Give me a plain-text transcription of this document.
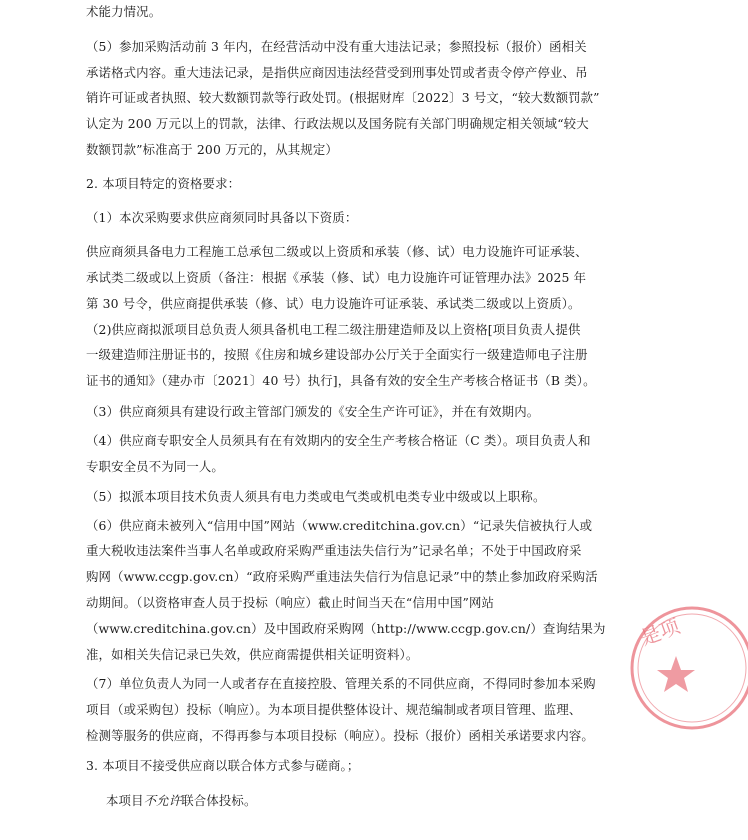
术能力情况。
（5）参加采购活动前 3 年内，在经营活动中没有重大违法记录；参照投标（报价）函相关
承诺格式内容。重大违法记录，是指供应商因违法经营受到刑事处罚或者责令停产停业、吊
销许可证或者执照、较大数额罚款等行政处罚。(根据财库〔2022〕3 号文，“较大数额罚款”
认定为 200 万元以上的罚款，法律、行政法规以及国务院有关部门明确规定相关领域“较大
数额罚款”标准高于 200 万元的，从其规定）
2. 本项目特定的资格要求：
（1）本次采购要求供应商须同时具备以下资质：
供应商须具备电力工程施工总承包二级或以上资质和承装（修、试）电力设施许可证承装、
承试类二级或以上资质（备注：根据《承装（修、试）电力设施许可证管理办法》2025 年
第 30 号令，供应商提供承装（修、试）电力设施许可证承装、承试类二级或以上资质）。
（2)供应商拟派项目总负责人须具备机电工程二级注册建造师及以上资格[项目负责人提供
一级建造师注册证书的，按照《住房和城乡建设部办公厅关于全面实行一级建造师电子注册
证书的通知》（建办市〔2021〕40 号）执行]，具备有效的安全生产考核合格证书（B 类）。
（3）供应商须具有建设行政主管部门颁发的《安全生产许可证》，并在有效期内。
（4）供应商专职安全人员须具有在有效期内的安全生产考核合格证（C 类）。项目负责人和
专职安全员不为同一人。
（5）拟派本项目技术负责人须具有电力类或电气类或机电类专业中级或以上职称。
（6）供应商未被列入“信用中国”网站（www.creditchina.gov.cn）“记录失信被执行人或
重大税收违法案件当事人名单或政府采购严重违法失信行为”记录名单；不处于中国政府采
购网（www.ccgp.gov.cn）“政府采购严重违法失信行为信息记录”中的禁止参加政府采购活
动期间。（以资格审查人员于投标（响应）截止时间当天在“信用中国”网站
（www.creditchina.gov.cn）及中国政府采购网（http://www.ccgp.gov.cn/）查询结果为
准，如相关失信记录已失效，供应商需提供相关证明资料）。
（7）单位负责人为同一人或者存在直接控股、管理关系的不同供应商，不得同时参加本采购
项目（或采购包）投标（响应）。为本项目提供整体设计、规范编制或者项目管理、监理、
检测等服务的供应商，不得再参与本项目投标（响应）。投标（报价）函相关承诺要求内容。
3. 本项目不接受供应商以联合体方式参与磋商。；
本项目不允许联合体投标。
是项
